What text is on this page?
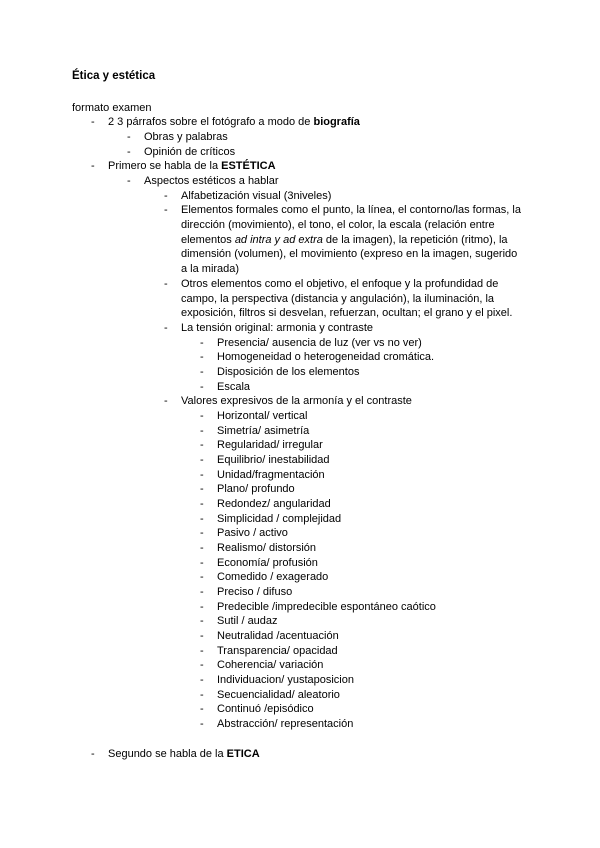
Ética y estética
formato examen
- 2 3 párrafos sobre el fotógrafo a modo de biografía
- Obras y palabras
- Opinión de críticos
- Primero se habla de la ESTÉTICA
- Aspectos estéticos a hablar
- Alfabetización visual (3niveles)
- Elementos formales como el punto, la línea, el contorno/las formas, la
dirección (movimiento), el tono, el color, la escala (relación entre
elementos ad intra y ad extra de la imagen), la repetición (ritmo), la
dimensión (volumen), el movimiento (expreso en la imagen, sugerido
a la mirada)
- Otros elementos como el objetivo, el enfoque y la profundidad de
campo, la perspectiva (distancia y angulación), la iluminación, la
exposición, filtros si desvelan, refuerzan, ocultan; el grano y el pixel.
- La tensión original: armonia y contraste
- Presencia/ ausencia de luz (ver vs no ver)
- Homogeneidad o heterogeneidad cromática.
- Disposición de los elementos
- Escala
- Valores expresivos de la armonía y el contraste
- Horizontal/ vertical
- Simetría/ asimetría
- Regularidad/ irregular
- Equilibrio/ inestabilidad
- Unidad/fragmentación
- Plano/ profundo
- Redondez/ angularidad
- Simplicidad / complejidad
- Pasivo / activo
- Realismo/ distorsión
- Economía/ profusión
- Comedido / exagerado
- Preciso / difuso
- Predecible /impredecible espontáneo caótico
- Sutil / audaz
- Neutralidad /acentuación
- Transparencia/ opacidad
- Coherencia/ variación
- Individuacion/ yustaposicion
- Secuencialidad/ aleatorio
- Continuó /episódico
- Abstracción/ representación
- Segundo se habla de la ETICA
